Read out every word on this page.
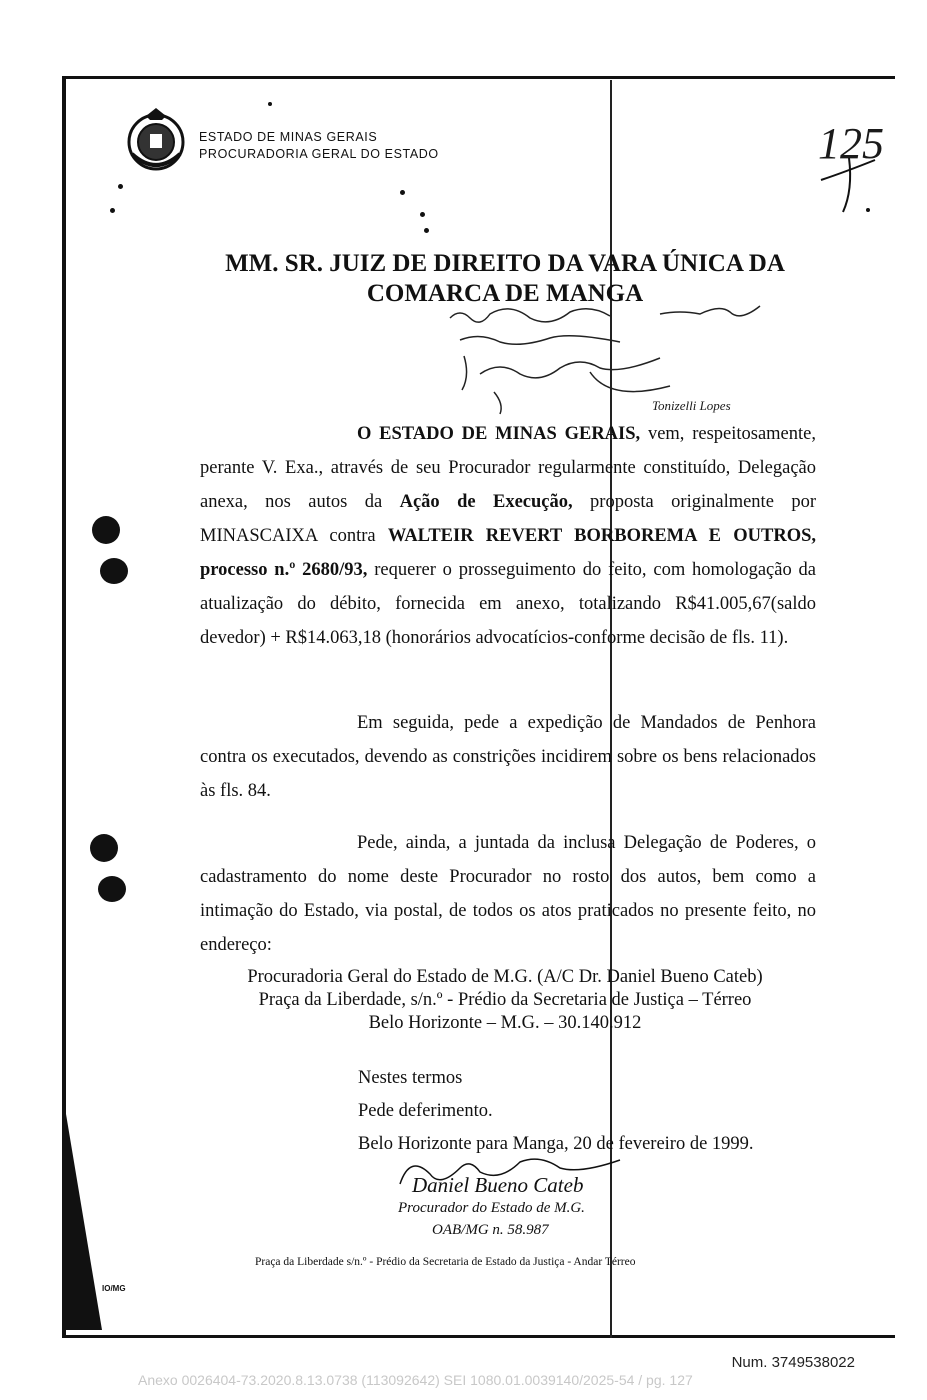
ESTADO DE MINAS GERAIS
PROCURADORIA GERAL DO ESTADO	125
MM. SR. JUIZ DE DIREITO DA VARA ÚNICA DA
COMARCA DE MANGA
Tonizelli Lopes

O ESTADO DE MINAS GERAIS, vem, respeitosamente, perante V. Exa., através de seu Procurador regularmente constituído, Delegação anexa, nos autos da Ação de Execução, proposta originalmente por MINASCAIXA contra WALTEIR REVERT BORBOREMA E OUTROS, processo n.º 2680/93, requerer o prosseguimento do feito, com homologação da atualização do débito, fornecida em anexo, totalizando R$41.005,67(saldo devedor) + R$14.063,18 (honorários advocatícios-conforme decisão de fls. 11).

Em seguida, pede a expedição de Mandados de Penhora contra os executados, devendo as constrições incidirem sobre os bens relacionados às fls. 84.

Pede, ainda, a juntada da inclusa Delegação de Poderes, o cadastramento do nome deste Procurador no rosto dos autos, bem como a intimação do Estado, via postal, de todos os atos praticados no presente feito, no endereço:

Procuradoria Geral do Estado de M.G. (A/C Dr. Daniel Bueno Cateb)
Praça da Liberdade, s/n.º - Prédio da Secretaria de Justiça – Térreo
Belo Horizonte – M.G. – 30.140.912
Nestes termos
Pede deferimento.
Belo Horizonte para Manga, 20 de fevereiro de 1999.
Daniel Bueno Cateb
Procurador do Estado de M.G.
OAB/MG n. 58.987
Praça da Liberdade s/n.º - Prédio da Secretaria de Estado da Justiça - Andar Térreo
IO/MG
Num. 3749538022
Anexo 0026404-73.2020.8.13.0738 (113092642) SEI 1080.01.0039140/2025-54 / pg. 127
